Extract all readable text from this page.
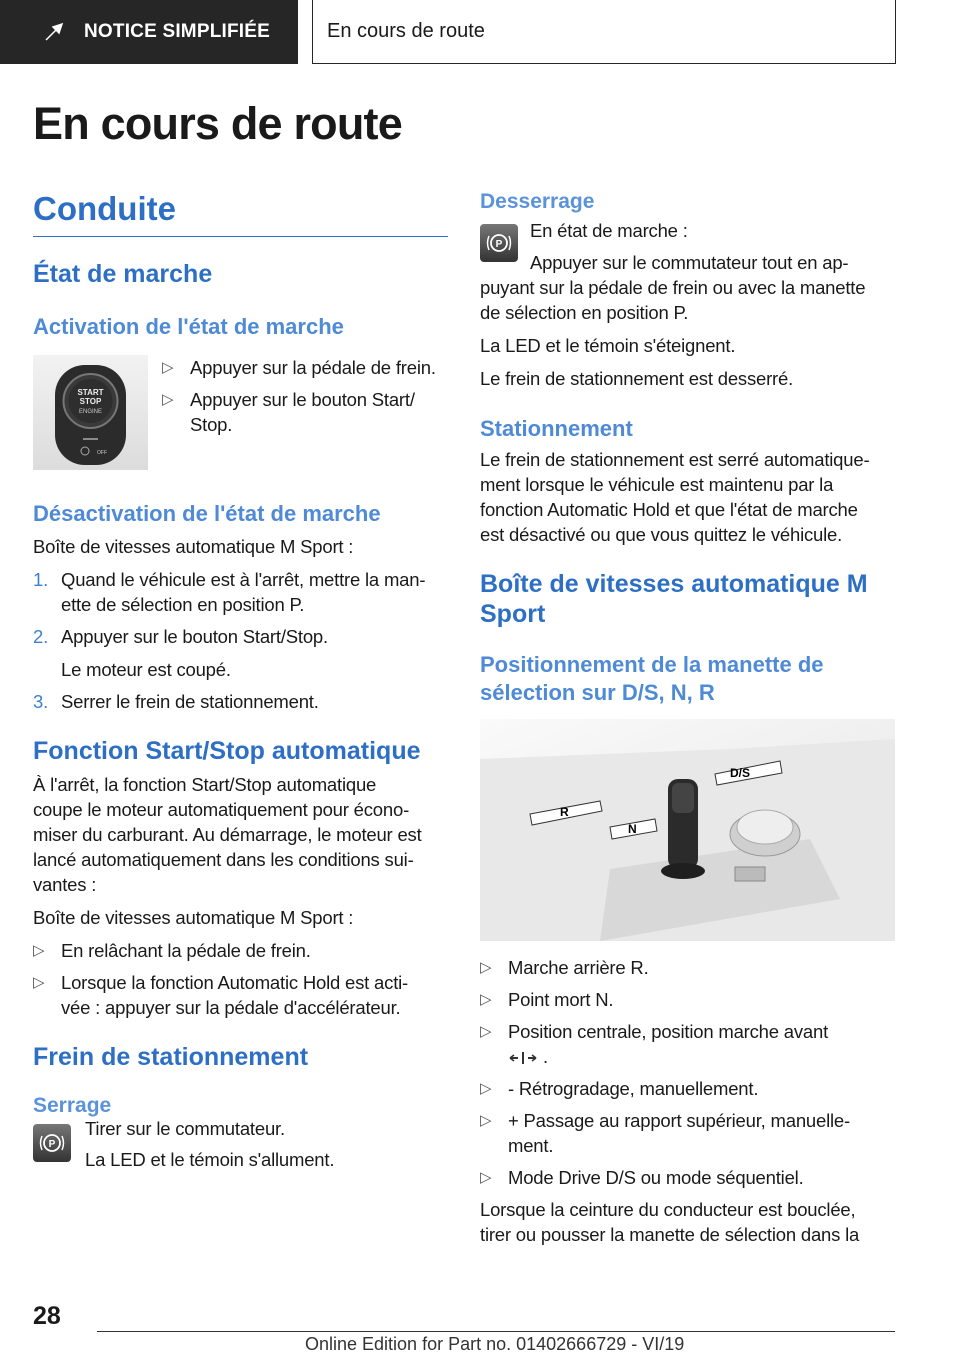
NOTICE SIMPLIFIÉE	En cours de route
En cours de route
Conduite
État de marche
Activation de l'état de marche
START
STOP
ENGINE
OFF
▷ Appuyer sur la pédale de frein.
▷ Appuyer sur le bouton Start/
Stop.
Désactivation de l'état de marche

Boîte de vitesses automatique M Sport :

1. Quand le véhicule est à l'arrêt, mettre la man-
ette de sélection en position P.
2. Appuyer sur le bouton Start/Stop.

Le moteur est coupé.
3. Serrer le frein de stationnement.
Fonction Start/Stop automatique

À l'arrêt, la fonction Start/Stop automatique
coupe le moteur automatiquement pour écono-
miser du carburant. Au démarrage, le moteur est
lancé automatiquement dans les conditions sui-
vantes :

Boîte de vitesses automatique M Sport :

▷ En relâchant la pédale de frein.
▷ Lorsque la fonction Automatic Hold est acti-
vée : appuyer sur la pédale d'accélérateur.
Frein de stationnement
Serrage
P

Tirer sur le commutateur.

La LED et le témoin s'allument.

Desserrage
P

En état de marche :

Appuyer sur le commutateur tout en ap-

puyant sur la pédale de frein ou avec la manette
de sélection en position P.

La LED et le témoin s'éteignent.

Le frein de stationnement est desserré.

Stationnement

Le frein de stationnement est serré automatique-
ment lorsque le véhicule est maintenu par la
fonction Automatic Hold et que l'état de marche
est désactivé ou que vous quittez le véhicule.

Boîte de vitesses automatique M
Sport
Positionnement de la manette de
sélection sur D/S, N, R
R
N
D/S
▷ Marche arrière R.
▷ Point mort N.
▷ Position centrale, position marche avant
.
▷ - Rétrogradage, manuellement.
▷ + Passage au rapport supérieur, manuelle-
ment.
▷ Mode Drive D/S ou mode séquentiel.

Lorsque la ceinture du conducteur est bouclée,
tirer ou pousser la manette de sélection dans la

28
Online Edition for Part no. 01402666729 - VI/19
